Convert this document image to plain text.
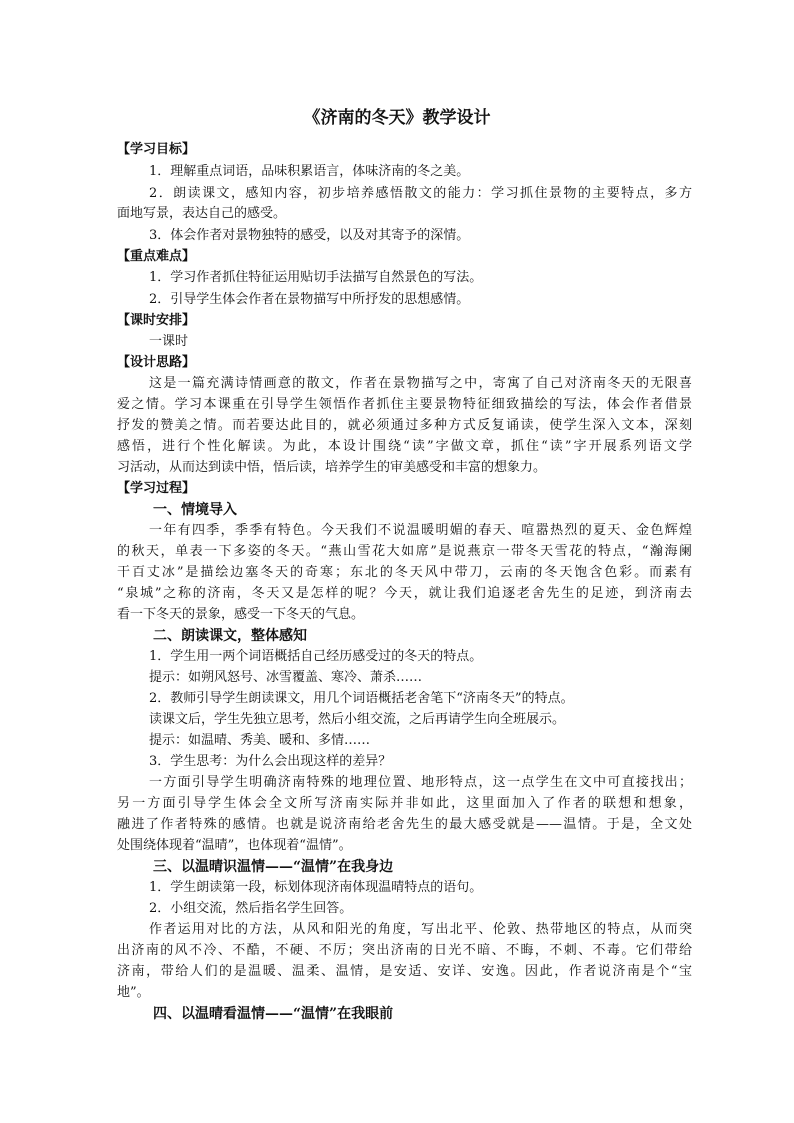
《济南的冬天》教学设计
【学习目标】
1．理解重点词语，品味积累语言，体味济南的冬之美。
2．朗读课文，感知内容，初步培养感悟散文的能力：学习抓住景物的主要特点，多方
面地写景，表达自己的感受。
3．体会作者对景物独特的感受，以及对其寄予的深情。
【重点难点】
1．学习作者抓住特征运用贴切手法描写自然景色的写法。
2．引导学生体会作者在景物描写中所抒发的思想感情。
【课时安排】
一课时
【设计思路】
这是一篇充满诗情画意的散文，作者在景物描写之中，寄寓了自己对济南冬天的无限喜
爱之情。学习本课重在引导学生领悟作者抓住主要景物特征细致描绘的写法，体会作者借景
抒发的赞美之情。而若要达此目的，就必须通过多种方式反复诵读，使学生深入文本，深刻
感悟，进行个性化解读。为此，本设计围绕“读”字做文章，抓住“读”字开展系列语文学
习活动，从而达到读中悟，悟后读，培养学生的审美感受和丰富的想象力。
【学习过程】
一、情境导入
一年有四季，季季有特色。今天我们不说温暖明媚的春天、喧嚣热烈的夏天、金色辉煌
的秋天，单表一下多姿的冬天。“燕山雪花大如席”是说燕京一带冬天雪花的特点，“瀚海阑
干百丈冰”是描绘边塞冬天的奇寒；东北的冬天风中带刀，云南的冬天饱含色彩。而素有
“泉城”之称的济南，冬天又是怎样的呢？今天，就让我们追逐老舍先生的足迹，到济南去
看一下冬天的景象，感受一下冬天的气息。
二、朗读课文，整体感知
1．学生用一两个词语概括自己经历感受过的冬天的特点。
提示：如朔风怒号、冰雪覆盖、寒冷、萧杀……
2．教师引导学生朗读课文，用几个词语概括老舍笔下“济南冬天”的特点。
读课文后，学生先独立思考，然后小组交流，之后再请学生向全班展示。
提示：如温晴、秀美、暖和、多情……
3．学生思考：为什么会出现这样的差异？
一方面引导学生明确济南特殊的地理位置、地形特点，这一点学生在文中可直接找出；
另一方面引导学生体会全文所写济南实际并非如此，这里面加入了作者的联想和想象，
融进了作者特殊的感情。也就是说济南给老舍先生的最大感受就是——温情。于是，全文处
处围绕体现着“温晴”，也体现着“温情”。
三、以温晴识温情——“温情”在我身边
1．学生朗读第一段，标划体现济南体现温晴特点的语句。
2．小组交流，然后指名学生回答。
作者运用对比的方法，从风和阳光的角度，写出北平、伦敦、热带地区的特点，从而突
出济南的风不冷、不酷，不硬、不厉；突出济南的日光不暗、不晦，不刺、不毒。它们带给
济南，带给人们的是温暖、温柔、温情，是安适、安详、安逸。因此，作者说济南是个“宝
地”。
四、以温晴看温情——“温情”在我眼前
